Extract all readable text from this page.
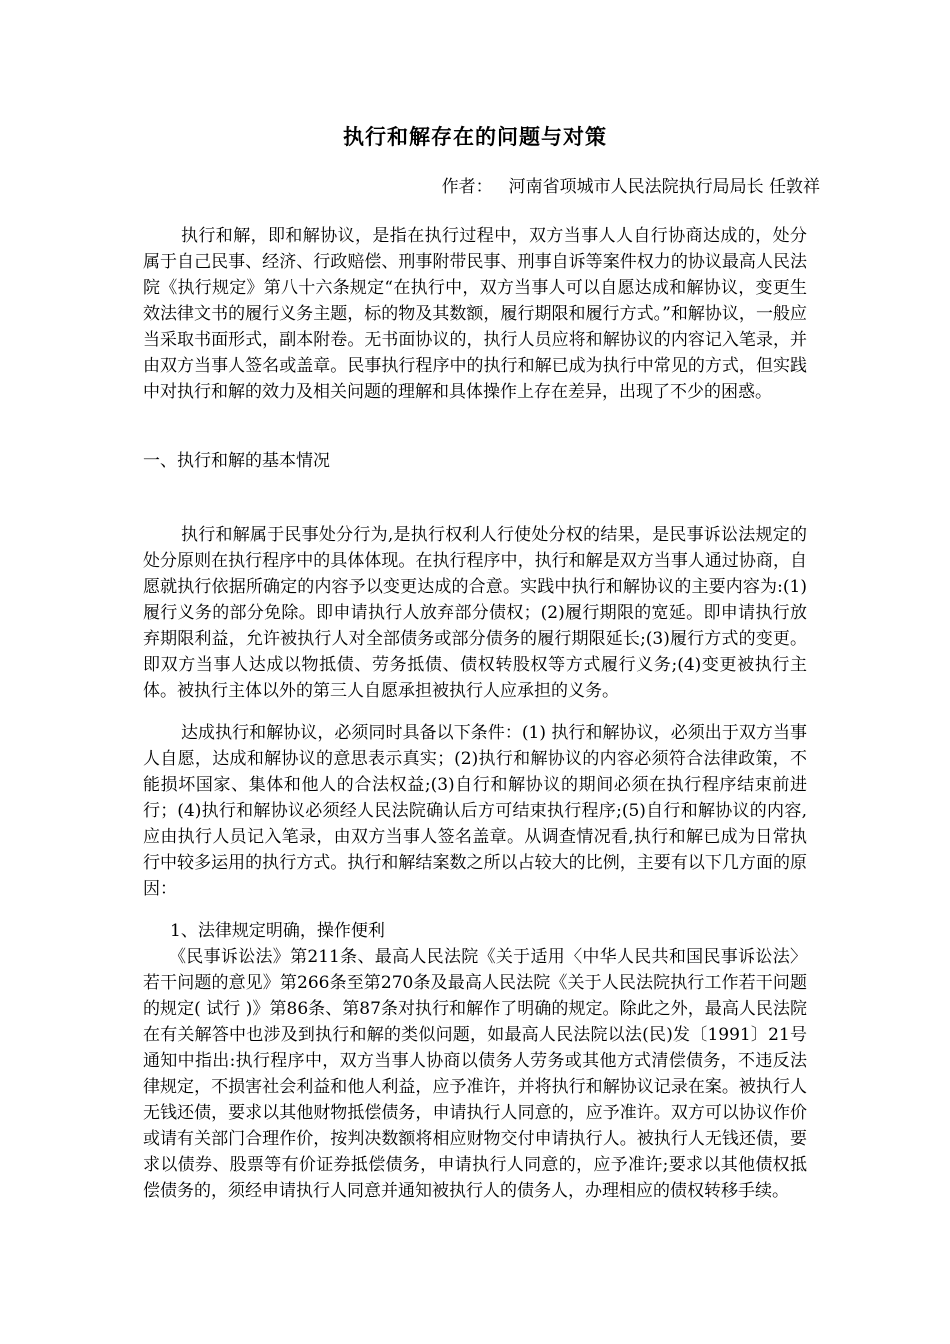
执行和解存在的问题与对策
作者： 河南省项城市人民法院执行局局长 任敦祥

执行和解，即和解协议，是指在执行过程中，双方当事人人自行协商达成的，处分属于自己民事、经济、行政赔偿、刑事附带民事、刑事自诉等案件权力的协议最高人民法院《执行规定》第八十六条规定“在执行中，双方当事人可以自愿达成和解协议，变更生效法律文书的履行义务主题，标的物及其数额，履行期限和履行方式。”和解协议，一般应当采取书面形式，副本附卷。无书面协议的，执行人员应将和解协议的内容记入笔录，并由双方当事人签名或盖章。民事执行程序中的执行和解已成为执行中常见的方式，但实践中对执行和解的效力及相关问题的理解和具体操作上存在差异，出现了不少的困惑。

一、执行和解的基本情况

执行和解属于民事处分行为,是执行权利人行使处分权的结果，是民事诉讼法规定的处分原则在执行程序中的具体体现。在执行程序中，执行和解是双方当事人通过协商，自愿就执行依据所确定的内容予以变更达成的合意。实践中执行和解协议的主要内容为:(1) 履行义务的部分免除。即申请执行人放弃部分债权；(2)履行期限的宽延。即申请执行放弃期限利益，允许被执行人对全部债务或部分债务的履行期限延长;(3)履行方式的变更。即双方当事人达成以物抵债、劳务抵债、债权转股权等方式履行义务;(4)变更被执行主体。被执行主体以外的第三人自愿承担被执行人应承担的义务。

达成执行和解协议，必须同时具备以下条件：(1) 执行和解协议，必须出于双方当事人自愿，达成和解协议的意思表示真实；(2)执行和解协议的内容必须符合法律政策，不能损坏国家、集体和他人的合法权益;(3)自行和解协议的期间必须在执行程序结束前进行；(4)执行和解协议必须经人民法院确认后方可结束执行程序;(5)自行和解协议的内容,应由执行人员记入笔录，由双方当事人签名盖章。从调查情况看,执行和解已成为日常执行中较多运用的执行方式。执行和解结案数之所以占较大的比例，主要有以下几方面的原因：

1、法律规定明确，操作便利

《民事诉讼法》第211条、最高人民法院《关于适用〈中华人民共和国民事诉讼法〉若干问题的意见》第266条至第270条及最高人民法院《关于人民法院执行工作若干问题的规定( 试行 )》第86条、第87条对执行和解作了明确的规定。除此之外，最高人民法院在有关解答中也涉及到执行和解的类似问题，如最高人民法院以法(民)发〔1991〕21号通知中指出:执行程序中，双方当事人协商以债务人劳务或其他方式清偿债务，不违反法律规定，不损害社会利益和他人利益，应予准许，并将执行和解协议记录在案。被执行人无钱还债，要求以其他财物抵偿债务，申请执行人同意的，应予准许。双方可以协议作价或请有关部门合理作价，按判决数额将相应财物交付申请执行人。被执行人无钱还债，要求以债券、股票等有价证券抵偿债务，申请执行人同意的，应予准许;要求以其他债权抵偿债务的，须经申请执行人同意并通知被执行人的债务人，办理相应的债权转移手续。
